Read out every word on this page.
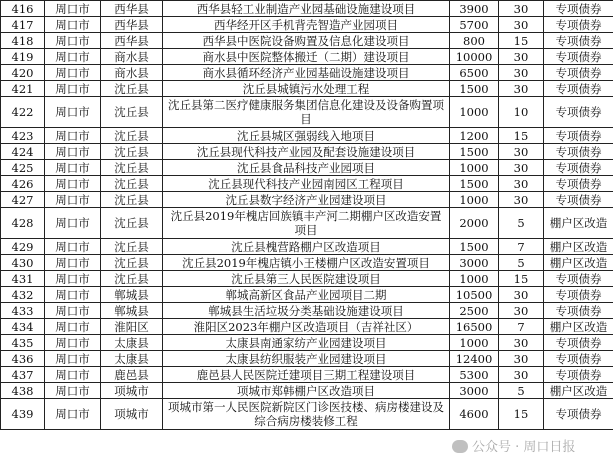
416	周口市	西华县	西华县轻工业制造产业园基础设施建设项目	3900	30	专项债券
417	周口市	西华县	西华经开区手机背壳智造产业园项目	5700	30	专项债券
418	周口市	西华县	西华县中医院设备购置及信息化建设项目	800	15	专项债券
419	周口市	商水县	商水县中医院整体搬迁（二期）建设项目	10000	30	专项债券
420	周口市	商水县	商水县循环经济产业园基础设施建设项目	6500	30	专项债券
421	周口市	沈丘县	沈丘县城镇污水处理工程	1500	30	专项债券
422	周口市	沈丘县	沈丘县第二医疗健康服务集团信息化建设及设备购置项目	1000	10	专项债券
423	周口市	沈丘县	沈丘县城区强弱线入地项目	1200	15	专项债券
424	周口市	沈丘县	沈丘县现代科技产业园及配套设施建设项目	1500	30	专项债券
425	周口市	沈丘县	沈丘县食品科技产业园项目	1000	30	专项债券
426	周口市	沈丘县	沈丘县现代科技产业园南园区工程项目	1500	30	专项债券
427	周口市	沈丘县	沈丘县数字经济产业园建设项目	1000	30	专项债券
428	周口市	沈丘县	沈丘县2019年槐店回族镇丰产河二期棚户区改造安置项目	2000	5	棚户区改造
429	周口市	沈丘县	沈丘县槐营路棚户区改造项目	1500	7	棚户区改造
430	周口市	沈丘县	沈丘县2019年槐店镇小王楼棚户区改造安置项目	3000	5	棚户区改造
431	周口市	沈丘县	沈丘县第三人民医院建设项目	1000	15	专项债券
432	周口市	郸城县	郸城高新区食品产业园项目二期	10500	30	专项债券
433	周口市	郸城县	郸城县生活垃圾分类基础设施建设项目	2500	30	专项债券
434	周口市	淮阳区	淮阳区2023年棚户区改造项目（吉祥社区）	16500	7	棚户区改造
435	周口市	太康县	太康县南通家纺产业园建设项目	1000	30	专项债券
436	周口市	太康县	太康县纺织服装产业园建设项目	12400	30	专项债券
437	周口市	鹿邑县	鹿邑县人民医院迁建项目三期工程建设项目	5300	30	专项债券
438	周口市	项城市	项城市郑韩棚户区改造项目	3000	5	棚户区改造
439	周口市	项城市	项城市第一人民医院新院区门诊医技楼、病房楼建设及综合病房楼装修工程	4600	15	专项债券
公众号 · 周口日报
